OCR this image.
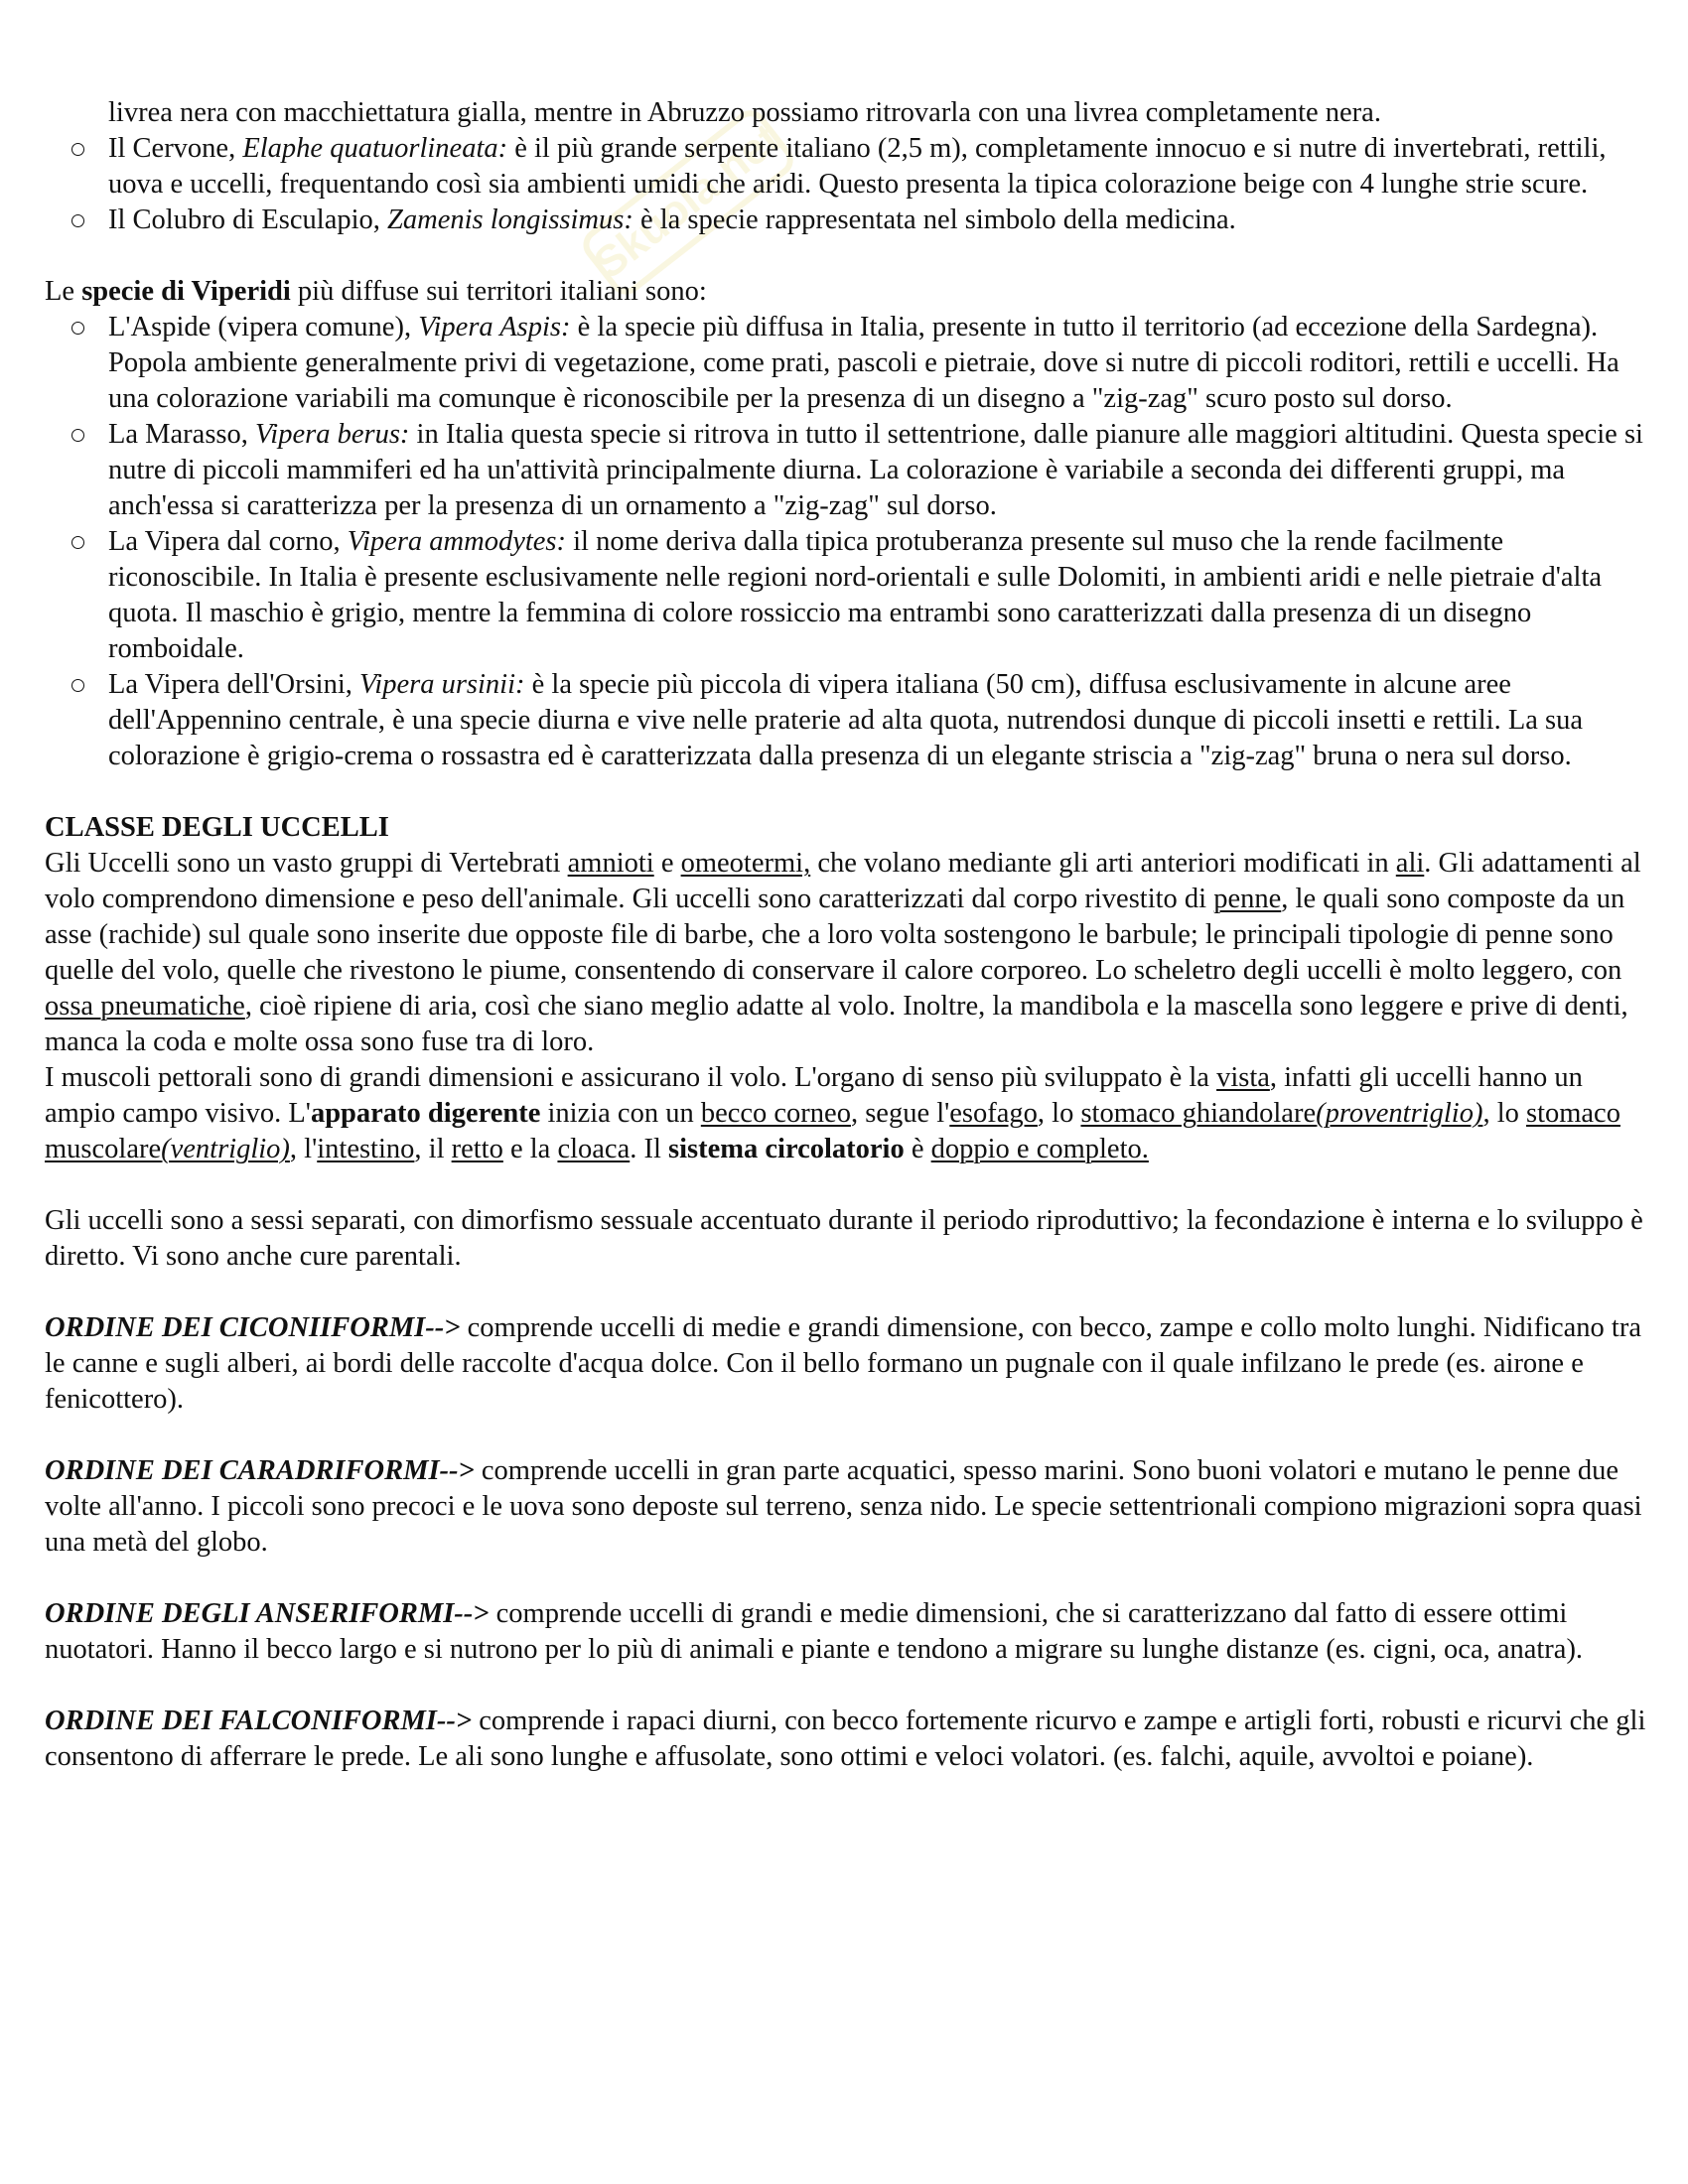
Skuola.net

livrea nera con macchiettatura gialla, mentre in Abruzzo possiamo ritrovarla con una livrea completamente nera.

Il Cervone, Elaphe quatuorlineata: è il più grande serpente italiano (2,5 m), completamente innocuo e si nutre di invertebrati, rettili, uova e uccelli, frequentando così sia ambienti umidi che aridi. Questo presenta la tipica colorazione beige con 4 lunghe strie scure.
Il Colubro di Esculapio, Zamenis longissimus: è la specie rappresentata nel simbolo della medicina.

Le specie di Viperidi più diffuse sui territori italiani sono:

L'Aspide (vipera comune), Vipera Aspis: è la specie più diffusa in Italia, presente in tutto il territorio (ad eccezione della Sardegna). Popola ambiente generalmente privi di vegetazione, come prati, pascoli e pietraie, dove si nutre di piccoli roditori, rettili e uccelli. Ha una colorazione variabili ma comunque è riconoscibile per la presenza di un disegno a "zig-zag" scuro posto sul dorso.
La Marasso, Vipera berus: in Italia questa specie si ritrova in tutto il settentrione, dalle pianure alle maggiori altitudini. Questa specie si nutre di piccoli mammiferi ed ha un'attività principalmente diurna. La colorazione è variabile a seconda dei differenti gruppi, ma anch'essa si caratterizza per la presenza di un ornamento a "zig-zag" sul dorso.
La Vipera dal corno, Vipera ammodytes: il nome deriva dalla tipica protuberanza presente sul muso che la rende facilmente riconoscibile. In Italia è presente esclusivamente nelle regioni nord-orientali e sulle Dolomiti, in ambienti aridi e nelle pietraie d'alta quota. Il maschio è grigio, mentre la femmina di colore rossiccio ma entrambi sono caratterizzati dalla presenza di un disegno romboidale.
La Vipera dell'Orsini, Vipera ursinii: è la specie più piccola di vipera italiana (50 cm), diffusa esclusivamente in alcune aree dell'Appennino centrale, è una specie diurna e vive nelle praterie ad alta quota, nutrendosi dunque di piccoli insetti e rettili. La sua colorazione è grigio-crema o rossastra ed è caratterizzata dalla presenza di un elegante striscia a "zig-zag" bruna o nera sul dorso.

CLASSE DEGLI UCCELLI

Gli Uccelli sono un vasto gruppi di Vertebrati amnioti e omeotermi, che volano mediante gli arti anteriori modificati in ali. Gli adattamenti al volo comprendono dimensione e peso dell'animale. Gli uccelli sono caratterizzati dal corpo rivestito di penne, le quali sono composte da un asse (rachide) sul quale sono inserite due opposte file di barbe, che a loro volta sostengono le barbule; le principali tipologie di penne sono quelle del volo, quelle che rivestono le piume, consentendo di conservare il calore corporeo. Lo scheletro degli uccelli è molto leggero, con ossa pneumatiche, cioè ripiene di aria, così che siano meglio adatte al volo. Inoltre, la mandibola e la mascella sono leggere e prive di denti, manca la coda e molte ossa sono fuse tra di loro.

I muscoli pettorali sono di grandi dimensioni e assicurano il volo. L'organo di senso più sviluppato è la vista, infatti gli uccelli hanno un ampio campo visivo. L'apparato digerente inizia con un becco corneo, segue l'esofago, lo stomaco ghiandolare(proventriglio), lo stomaco muscolare(ventriglio), l'intestino, il retto e la cloaca. Il sistema circolatorio è doppio e completo.

Gli uccelli sono a sessi separati, con dimorfismo sessuale accentuato durante il periodo riproduttivo; la fecondazione è interna e lo sviluppo è diretto. Vi sono anche cure parentali.

ORDINE DEI CICONIIFORMI--> comprende uccelli di medie e grandi dimensione, con becco, zampe e collo molto lunghi. Nidificano tra le canne e sugli alberi, ai bordi delle raccolte d'acqua dolce. Con il bello formano un pugnale con il quale infilzano le prede (es. airone e fenicottero).

ORDINE DEI CARADRIFORMI--> comprende uccelli in gran parte acquatici, spesso marini. Sono buoni volatori e mutano le penne due volte all'anno. I piccoli sono precoci e le uova sono deposte sul terreno, senza nido. Le specie settentrionali compiono migrazioni sopra quasi una metà del globo.

ORDINE DEGLI ANSERIFORMI--> comprende uccelli di grandi e medie dimensioni, che si caratterizzano dal fatto di essere ottimi nuotatori. Hanno il becco largo e si nutrono per lo più di animali e piante e tendono a migrare su lunghe distanze (es. cigni, oca, anatra).

ORDINE DEI FALCONIFORMI--> comprende i rapaci diurni, con becco fortemente ricurvo e zampe e artigli forti, robusti e ricurvi che gli consentono di afferrare le prede. Le ali sono lunghe e affusolate, sono ottimi e veloci volatori. (es. falchi, aquile, avvoltoi e poiane).
